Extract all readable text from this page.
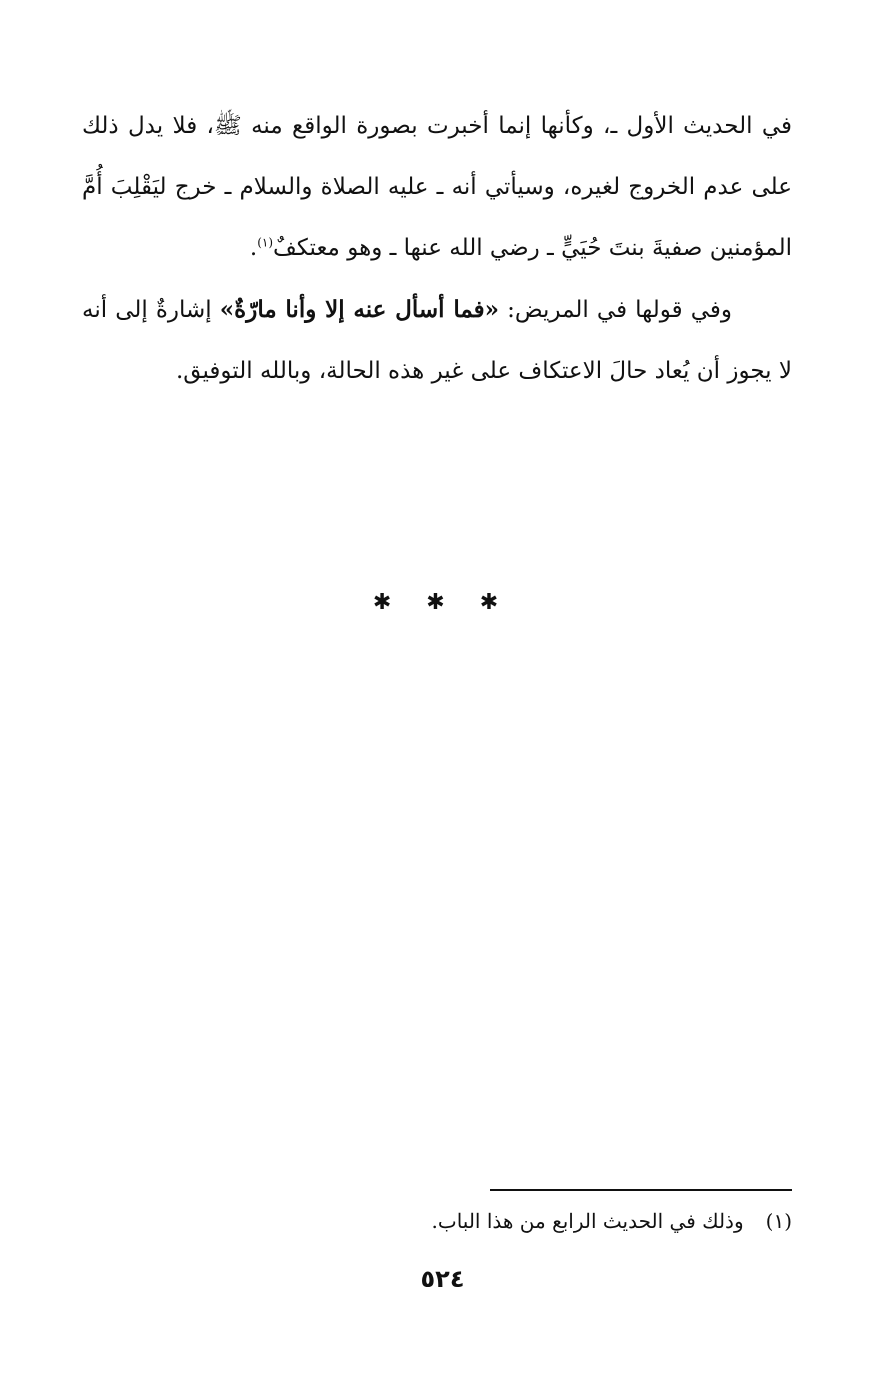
في الحديث الأول ـ، وكأنها إنما أخبرت بصورة الواقع منه ﷺ، فلا يدل ذلك على عدم الخروج لغيره، وسيأتي أنه ـ عليه الصلاة والسلام ـ خرج ليَقْلِبَ أُمَّ المؤمنين صفيةَ بنتَ حُيَيٍّ ـ رضي الله عنها ـ وهو معتكفٌ$^{(١)}$.

وفي قولها في المريض: «فما أسأل عنه إلا وأنا مارّةٌ» إشارةٌ إلى أنه لا يجوز أن يُعاد حالَ الاعتكاف على غير هذه الحالة، وبالله التوفيق.

✱ ✱ ✱
(١)وذلك في الحديث الرابع من هذا الباب.
٥٢٤
